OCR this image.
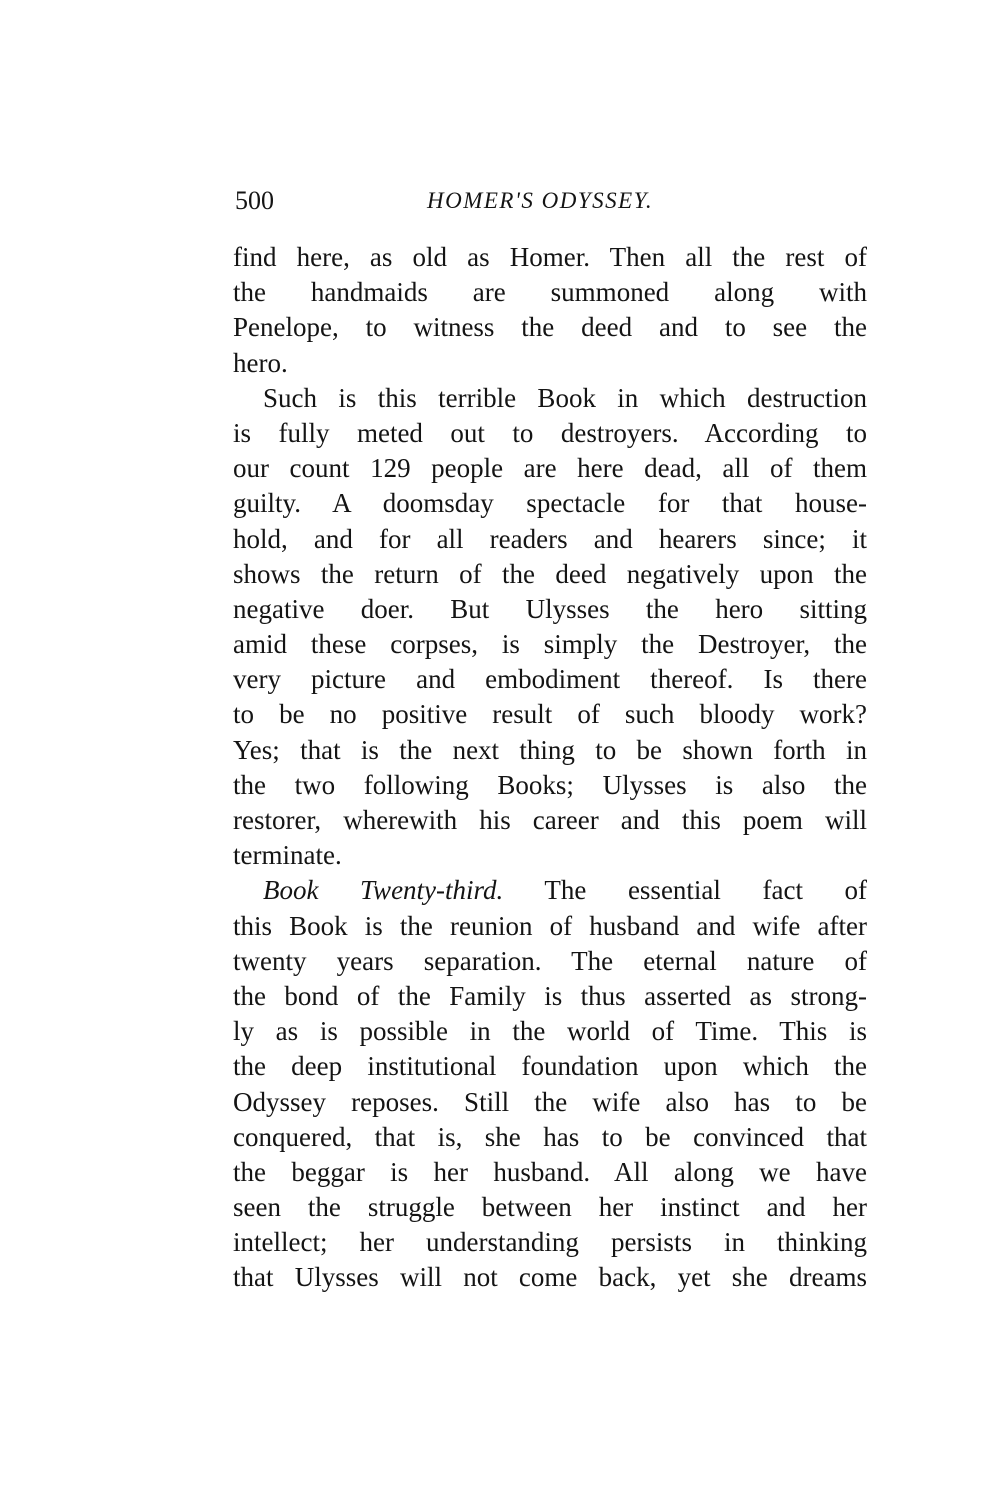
500	HOMER'S ODYSSEY.
find here, as old as Homer. Then all the rest of
the handmaids are summoned along with
Penelope, to witness the deed and to see the
hero.
Such is this terrible Book in which destruction
is fully meted out to destroyers. According to
our count 129 people are here dead, all of them
guilty. A doomsday spectacle for that house-
hold, and for all readers and hearers since; it
shows the return of the deed negatively upon the
negative doer. But Ulysses the hero sitting
amid these corpses, is simply the Destroyer, the
very picture and embodiment thereof. Is there
to be no positive result of such bloody work?
Yes; that is the next thing to be shown forth in
the two following Books; Ulysses is also the
restorer, wherewith his career and this poem will
terminate.
Book Twenty-third. The essential fact of
this Book is the reunion of husband and wife after
twenty years separation. The eternal nature of
the bond of the Family is thus asserted as strong-
ly as is possible in the world of Time. This is
the deep institutional foundation upon which the
Odyssey reposes. Still the wife also has to be
conquered, that is, she has to be convinced that
the beggar is her husband. All along we have
seen the struggle between her instinct and her
intellect; her understanding persists in thinking
that Ulysses will not come back, yet she dreams
